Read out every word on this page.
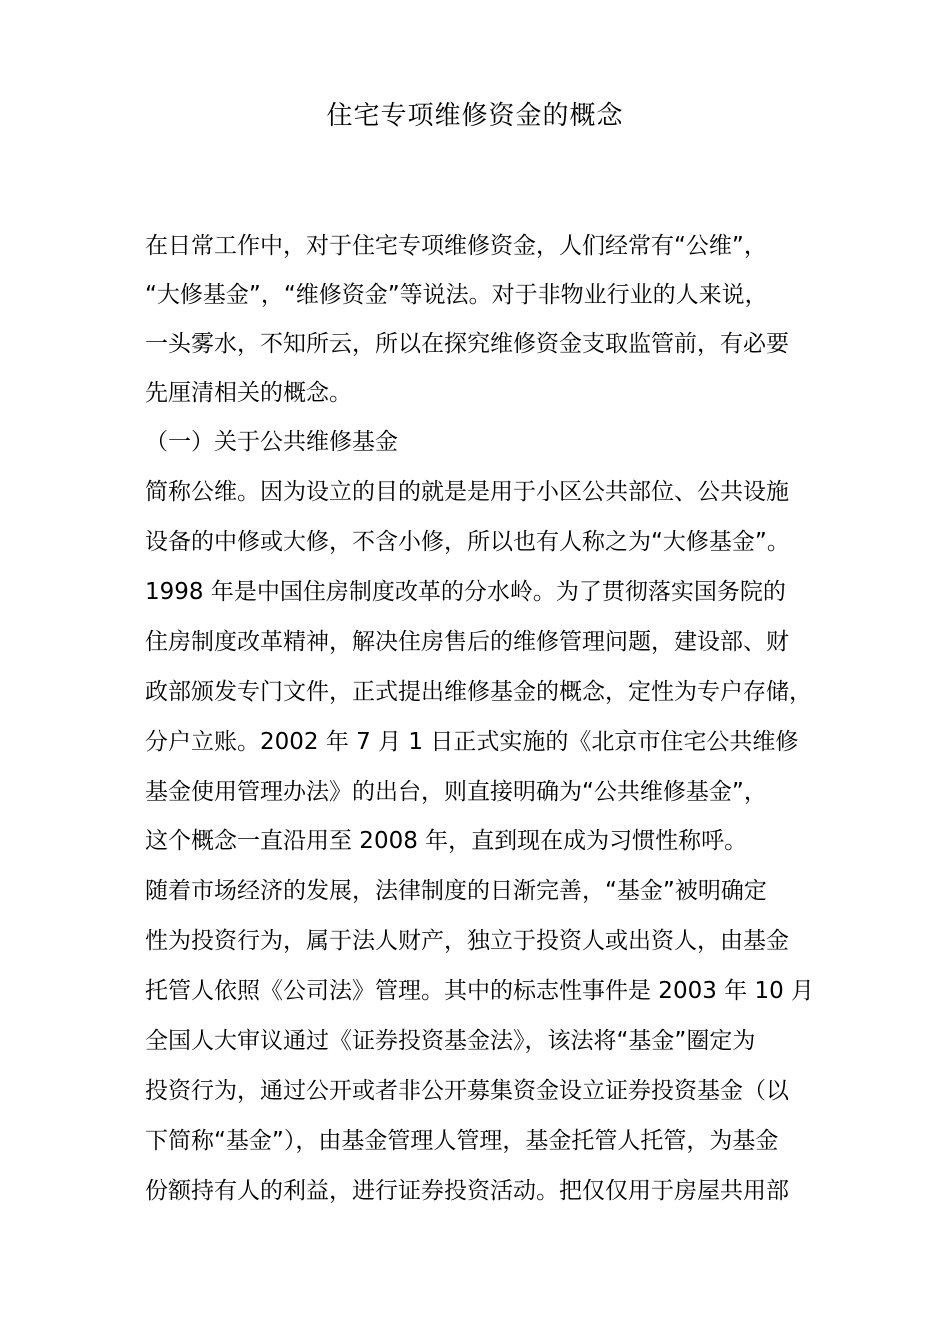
住宅专项维修资金的概念
在日常工作中，对于住宅专项维修资金，人们经常有“公维”，
“大修基金”，“维修资金”等说法。对于非物业行业的人来说，
一头雾水，不知所云，所以在探究维修资金支取监管前，有必要
先厘清相关的概念。
（一）关于公共维修基金
简称公维。因为设立的目的就是是用于小区公共部位、公共设施
设备的中修或大修，不含小修，所以也有人称之为“大修基金”。
1998 年是中国住房制度改革的分水岭。为了贯彻落实国务院的
住房制度改革精神，解决住房售后的维修管理问题，建设部、财
政部颁发专门文件，正式提出维修基金的概念，定性为专户存储，
分户立账。2002 年 7 月 1 日正式实施的《北京市住宅公共维修
基金使用管理办法》的出台，则直接明确为“公共维修基金”，
这个概念一直沿用至 2008 年，直到现在成为习惯性称呼。
随着市场经济的发展，法律制度的日渐完善，“基金”被明确定
性为投资行为，属于法人财产，独立于投资人或出资人，由基金
托管人依照《公司法》管理。其中的标志性事件是 2003 年 10 月
全国人大审议通过《证券投资基金法》，该法将“基金”圈定为
投资行为，通过公开或者非公开募集资金设立证券投资基金（以
下简称“基金”），由基金管理人管理，基金托管人托管，为基金
份额持有人的利益，进行证券投资活动。把仅仅用于房屋共用部
